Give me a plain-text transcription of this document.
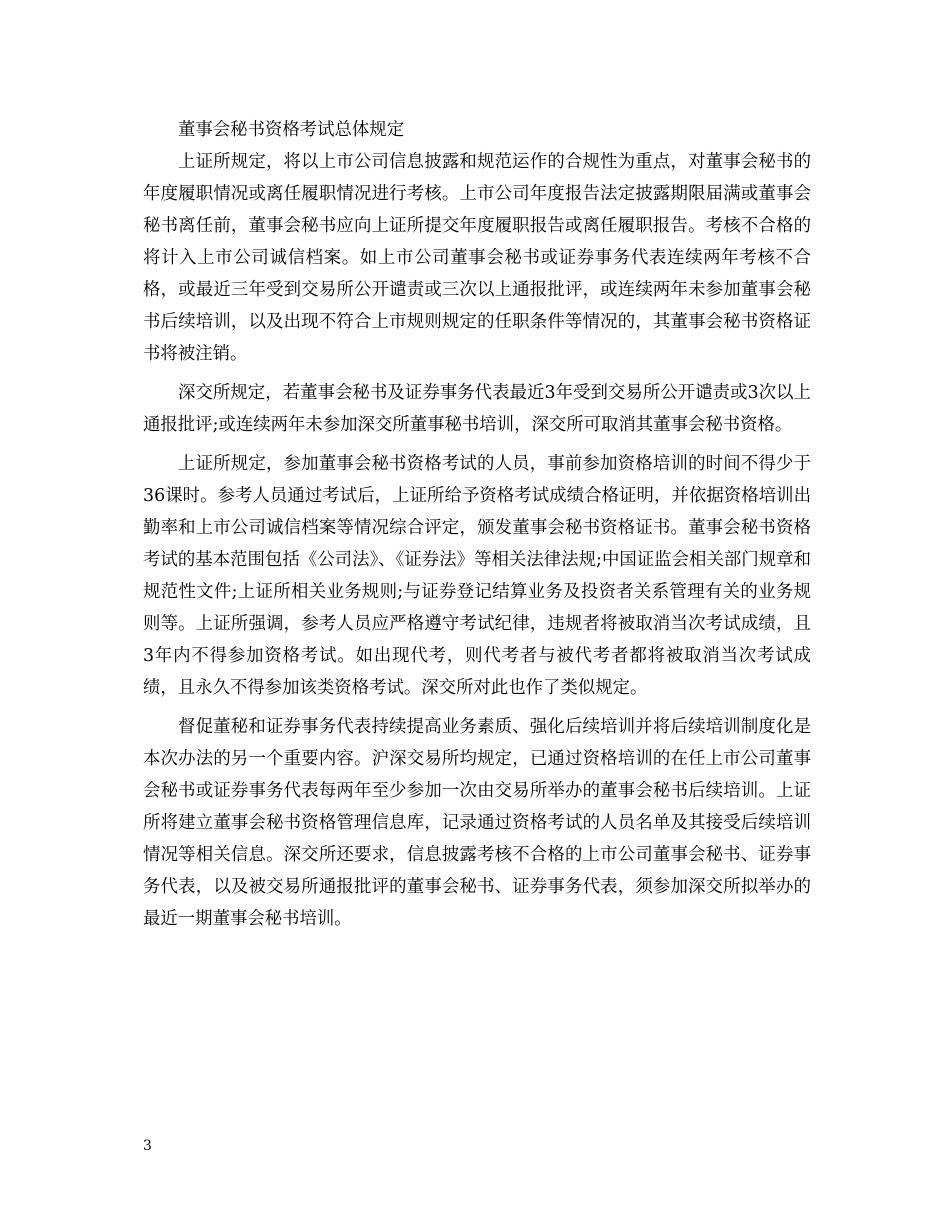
董事会秘书资格考试总体规定

上证所规定，将以上市公司信息披露和规范运作的合规性为重点，对董事会秘书的年度履职情况或离任履职情况进行考核。上市公司年度报告法定披露期限届满或董事会秘书离任前，董事会秘书应向上证所提交年度履职报告或离任履职报告。考核不合格的将计入上市公司诚信档案。如上市公司董事会秘书或证券事务代表连续两年考核不合格，或最近三年受到交易所公开谴责或三次以上通报批评，或连续两年未参加董事会秘书后续培训，以及出现不符合上市规则规定的任职条件等情况的，其董事会秘书资格证书将被注销。

深交所规定，若董事会秘书及证券事务代表最近3年受到交易所公开谴责或3次以上通报批评;或连续两年未参加深交所董事秘书培训，深交所可取消其董事会秘书资格。

上证所规定，参加董事会秘书资格考试的人员，事前参加资格培训的时间不得少于36课时。参考人员通过考试后，上证所给予资格考试成绩合格证明，并依据资格培训出勤率和上市公司诚信档案等情况综合评定，颁发董事会秘书资格证书。董事会秘书资格考试的基本范围包括《公司法》、《证券法》等相关法律法规;中国证监会相关部门规章和规范性文件;上证所相关业务规则;与证券登记结算业务及投资者关系管理有关的业务规则等。上证所强调，参考人员应严格遵守考试纪律，违规者将被取消当次考试成绩，且3年内不得参加资格考试。如出现代考，则代考者与被代考者都将被取消当次考试成绩，且永久不得参加该类资格考试。深交所对此也作了类似规定。

督促董秘和证券事务代表持续提高业务素质、强化后续培训并将后续培训制度化是本次办法的另一个重要内容。沪深交易所均规定，已通过资格培训的在任上市公司董事会秘书或证券事务代表每两年至少参加一次由交易所举办的董事会秘书后续培训。上证所将建立董事会秘书资格管理信息库，记录通过资格考试的人员名单及其接受后续培训情况等相关信息。深交所还要求，信息披露考核不合格的上市公司董事会秘书、证券事务代表，以及被交易所通报批评的董事会秘书、证券事务代表，须参加深交所拟举办的最近一期董事会秘书培训。

3
